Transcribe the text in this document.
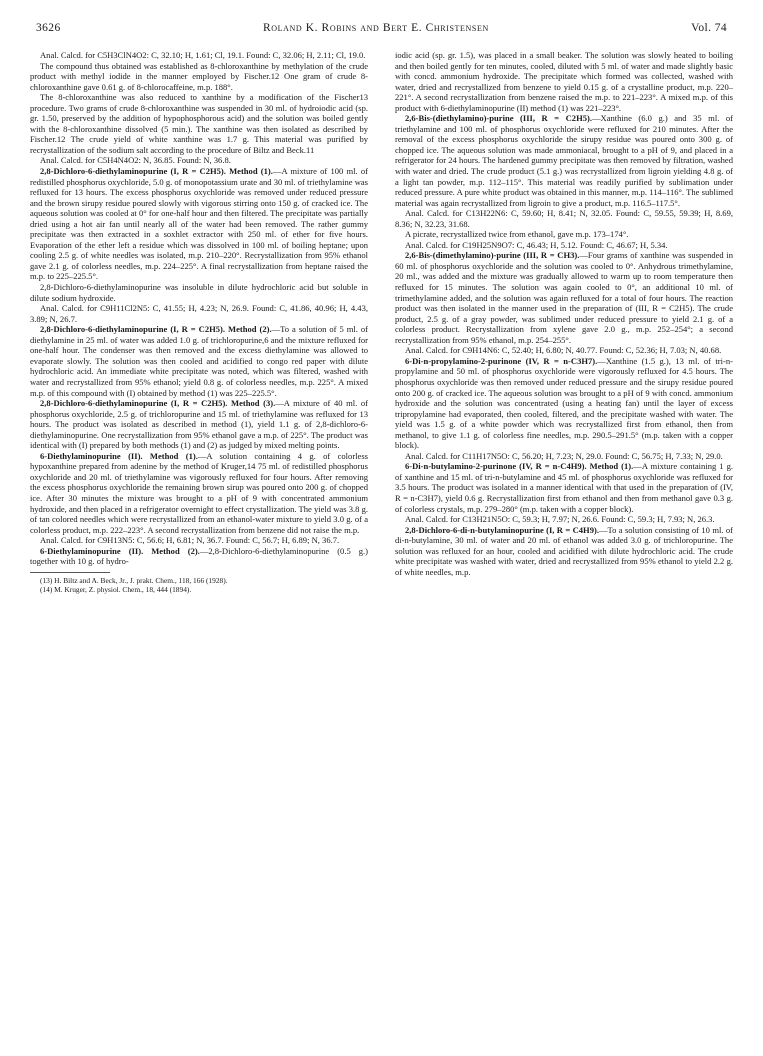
3626	Roland K. Robins and Bert E. Christensen	Vol. 74

Anal. Calcd. for C5H3ClN4O2: C, 32.10; H, 1.61; Cl, 19.1. Found: C, 32.06; H, 2.11; Cl, 19.0.

The compound thus obtained was established as 8-chloroxanthine by methylation of the crude product with methyl iodide in the manner employed by Fischer.12 One gram of crude 8-chloroxanthine gave 0.61 g. of 8-chlorocaffeine, m.p. 188°.

The 8-chloroxanthine was also reduced to xanthine by a modification of the Fischer13 procedure. Two grams of crude 8-chloroxanthine was suspended in 30 ml. of hydroiodic acid (sp. gr. 1.50, preserved by the addition of hypophosphorous acid) and the solution was boiled gently with the 8-chloroxanthine dissolved (5 min.). The xanthine was then isolated as described by Fischer.12 The crude yield of white xanthine was 1.7 g. This material was purified by recrystallization of the sodium salt according to the procedure of Biltz and Beck.11

Anal. Calcd. for C5H4N4O2: N, 36.85. Found: N, 36.8.

2,8-Dichloro-6-diethylaminopurine (I, R = C2H5). Method (1).—A mixture of 100 ml. of redistilled phosphorus oxychloride, 5.0 g. of monopotassium urate and 30 ml. of triethylamine was refluxed for 13 hours. The excess phosphorus oxychloride was removed under reduced pressure and the brown sirupy residue poured slowly with vigorous stirring onto 150 g. of cracked ice. The aqueous solution was cooled at 0° for one-half hour and then filtered. The precipitate was partially dried using a hot air fan until nearly all of the water had been removed. The rather gummy precipitate was then extracted in a soxhlet extractor with 250 ml. of ether for five hours. Evaporation of the ether left a residue which was dissolved in 100 ml. of boiling heptane; upon cooling 2.5 g. of white needles was isolated, m.p. 210–220°. Recrystallization from 95% ethanol gave 2.1 g. of colorless needles, m.p. 224–225°. A final recrystallization from heptane raised the m.p. to 225–225.5°.

2,8-Dichloro-6-diethylaminopurine was insoluble in dilute hydrochloric acid but soluble in dilute sodium hydroxide.

Anal. Calcd. for C9H11Cl2N5: C, 41.55; H, 4.23; N, 26.9. Found: C, 41.86, 40.96; H, 4.43, 3.89; N, 26.7.

2,8-Dichloro-6-diethylaminopurine (I, R = C2H5). Method (2).—To a solution of 5 ml. of diethylamine in 25 ml. of water was added 1.0 g. of trichloropurine,6 and the mixture refluxed for one-half hour. The condenser was then removed and the excess diethylamine was allowed to evaporate slowly. The solution was then cooled and acidified to congo red paper with dilute hydrochloric acid. An immediate white precipitate was noted, which was filtered, washed with water and recrystallized from 95% ethanol; yield 0.8 g. of colorless needles, m.p. 225°. A mixed m.p. of this compound with (I) obtained by method (1) was 225–225.5°.

2,8-Dichloro-6-diethylaminopurine (I, R = C2H5). Method (3).—A mixture of 40 ml. of phosphorus oxychloride, 2.5 g. of trichloropurine and 15 ml. of triethylamine was refluxed for 13 hours. The product was isolated as described in method (1), yield 1.1 g. of 2,8-dichloro-6-diethylaminopurine. One recrystallization from 95% ethanol gave a m.p. of 225°. The product was identical with (I) prepared by both methods (1) and (2) as judged by mixed melting points.

6-Diethylaminopurine (II). Method (1).—A solution containing 4 g. of colorless hypoxanthine prepared from adenine by the method of Kruger,14 75 ml. of redistilled phosphorus oxychloride and 20 ml. of triethylamine was vigorously refluxed for four hours. After removing the excess phosphorus oxychloride the remaining brown sirup was poured onto 200 g. of chopped ice. After 30 minutes the mixture was brought to a pH of 9 with concentrated ammonium hydroxide, and then placed in a refrigerator overnight to effect crystallization. The yield was 3.8 g. of tan colored needles which were recrystallized from an ethanol-water mixture to yield 3.0 g. of a colorless product, m.p. 222–223°. A second recrystallization from benzene did not raise the m.p.

Anal. Calcd. for C9H13N5: C, 56.6; H, 6.81; N, 36.7. Found: C, 56.7; H, 6.89; N, 36.7.

6-Diethylaminopurine (II). Method (2).—2,8-Dichloro-6-diethylaminopurine (0.5 g.) together with 10 g. of hydro-

(13) H. Biltz and A. Beck, Jr., J. prakt. Chem., 118, 166 (1928).

(14) M. Kruger, Z. physiol. Chem., 18, 444 (1894).

iodic acid (sp. gr. 1.5), was placed in a small beaker. The solution was slowly heated to boiling and then boiled gently for ten minutes, cooled, diluted with 5 ml. of water and made slightly basic with concd. ammonium hydroxide. The precipitate which formed was collected, washed with water, dried and recrystallized from benzene to yield 0.15 g. of a crystalline product, m.p. 220–221°. A second recrystallization from benzene raised the m.p. to 221–223°. A mixed m.p. of this product with 6-diethylaminopurine (II) method (1) was 221–223°.

2,6-Bis-(diethylamino)-purine (III, R = C2H5).—Xanthine (6.0 g.) and 35 ml. of triethylamine and 100 ml. of phosphorus oxychloride were refluxed for 210 minutes. After the removal of the excess phosphorus oxychloride the sirupy residue was poured onto 300 g. of chopped ice. The aqueous solution was made ammoniacal, brought to a pH of 9, and placed in a refrigerator for 24 hours. The hardened gummy precipitate was then removed by filtration, washed with water and dried. The crude product (5.1 g.) was recrystallized from ligroin yielding 4.8 g. of a light tan powder, m.p. 112–115°. This material was readily purified by sublimation under reduced pressure. A pure white product was obtained in this manner, m.p. 114–116°. The sublimed material was again recrystallized from ligroin to give a product, m.p. 116.5–117.5°.

Anal. Calcd. for C13H22N6: C, 59.60; H, 8.41; N, 32.05. Found: C, 59.55, 59.39; H, 8.69, 8.36; N, 32.23, 31.68.

A picrate, recrystallized twice from ethanol, gave m.p. 173–174°.

Anal. Calcd. for C19H25N9O7: C, 46.43; H, 5.12. Found: C, 46.67; H, 5.34.

2,6-Bis-(dimethylamino)-purine (III, R = CH3).—Four grams of xanthine was suspended in 60 ml. of phosphorus oxychloride and the solution was cooled to 0°. Anhydrous trimethylamine, 20 ml., was added and the mixture was gradually allowed to warm up to room temperature then refluxed for 15 minutes. The solution was again cooled to 0°, an additional 10 ml. of trimethylamine added, and the solution was again refluxed for a total of four hours. The reaction product was then isolated in the manner used in the preparation of (III, R = C2H5). The crude product, 2.5 g. of a gray powder, was sublimed under reduced pressure to yield 2.1 g. of a colorless product. Recrystallization from xylene gave 2.0 g., m.p. 252–254°; a second recrystallization from 95% ethanol, m.p. 254–255°.

Anal. Calcd. for C9H14N6: C, 52.40; H, 6.80; N, 40.77. Found: C, 52.36; H, 7.03; N, 40.68.

6-Di-n-propylamino-2-purinone (IV, R = n-C3H7).—Xanthine (1.5 g.), 13 ml. of tri-n-propylamine and 50 ml. of phosphorus oxychloride were vigorously refluxed for 4.5 hours. The phosphorus oxychloride was then removed under reduced pressure and the sirupy residue poured onto 200 g. of cracked ice. The aqueous solution was brought to a pH of 9 with concd. ammonium hydroxide and the solution was concentrated (using a heating fan) until the layer of excess tripropylamine had evaporated, then cooled, filtered, and the precipitate washed with water. The yield was 1.5 g. of a white powder which was recrystallized first from ethanol, then from methanol, to give 1.1 g. of colorless fine needles, m.p. 290.5–291.5° (m.p. taken with a copper block).

Anal. Calcd. for C11H17N5O: C, 56.20; H, 7.23; N, 29.0. Found: C, 56.75; H, 7.33; N, 29.0.

6-Di-n-butylamino-2-purinone (IV, R = n-C4H9). Method (1).—A mixture containing 1 g. of xanthine and 15 ml. of tri-n-butylamine and 45 ml. of phosphorus oxychloride was refluxed for 3.5 hours. The product was isolated in a manner identical with that used in the preparation of (IV, R = n-C3H7), yield 0.6 g. Recrystallization first from ethanol and then from methanol gave 0.3 g. of colorless crystals, m.p. 279–280° (m.p. taken with a copper block).

Anal. Calcd. for C13H21N5O: C, 59.3; H, 7.97; N, 26.6. Found: C, 59.3; H, 7.93; N, 26.3.

2,8-Dichloro-6-di-n-butylaminopurine (I, R = C4H9).—To a solution consisting of 10 ml. of di-n-butylamine, 30 ml. of water and 20 ml. of ethanol was added 3.0 g. of trichloropurine. The solution was refluxed for an hour, cooled and acidified with dilute hydrochloric acid. The crude white precipitate was washed with water, dried and recrystallized from 95% ethanol to yield 2.2 g. of white needles, m.p.
